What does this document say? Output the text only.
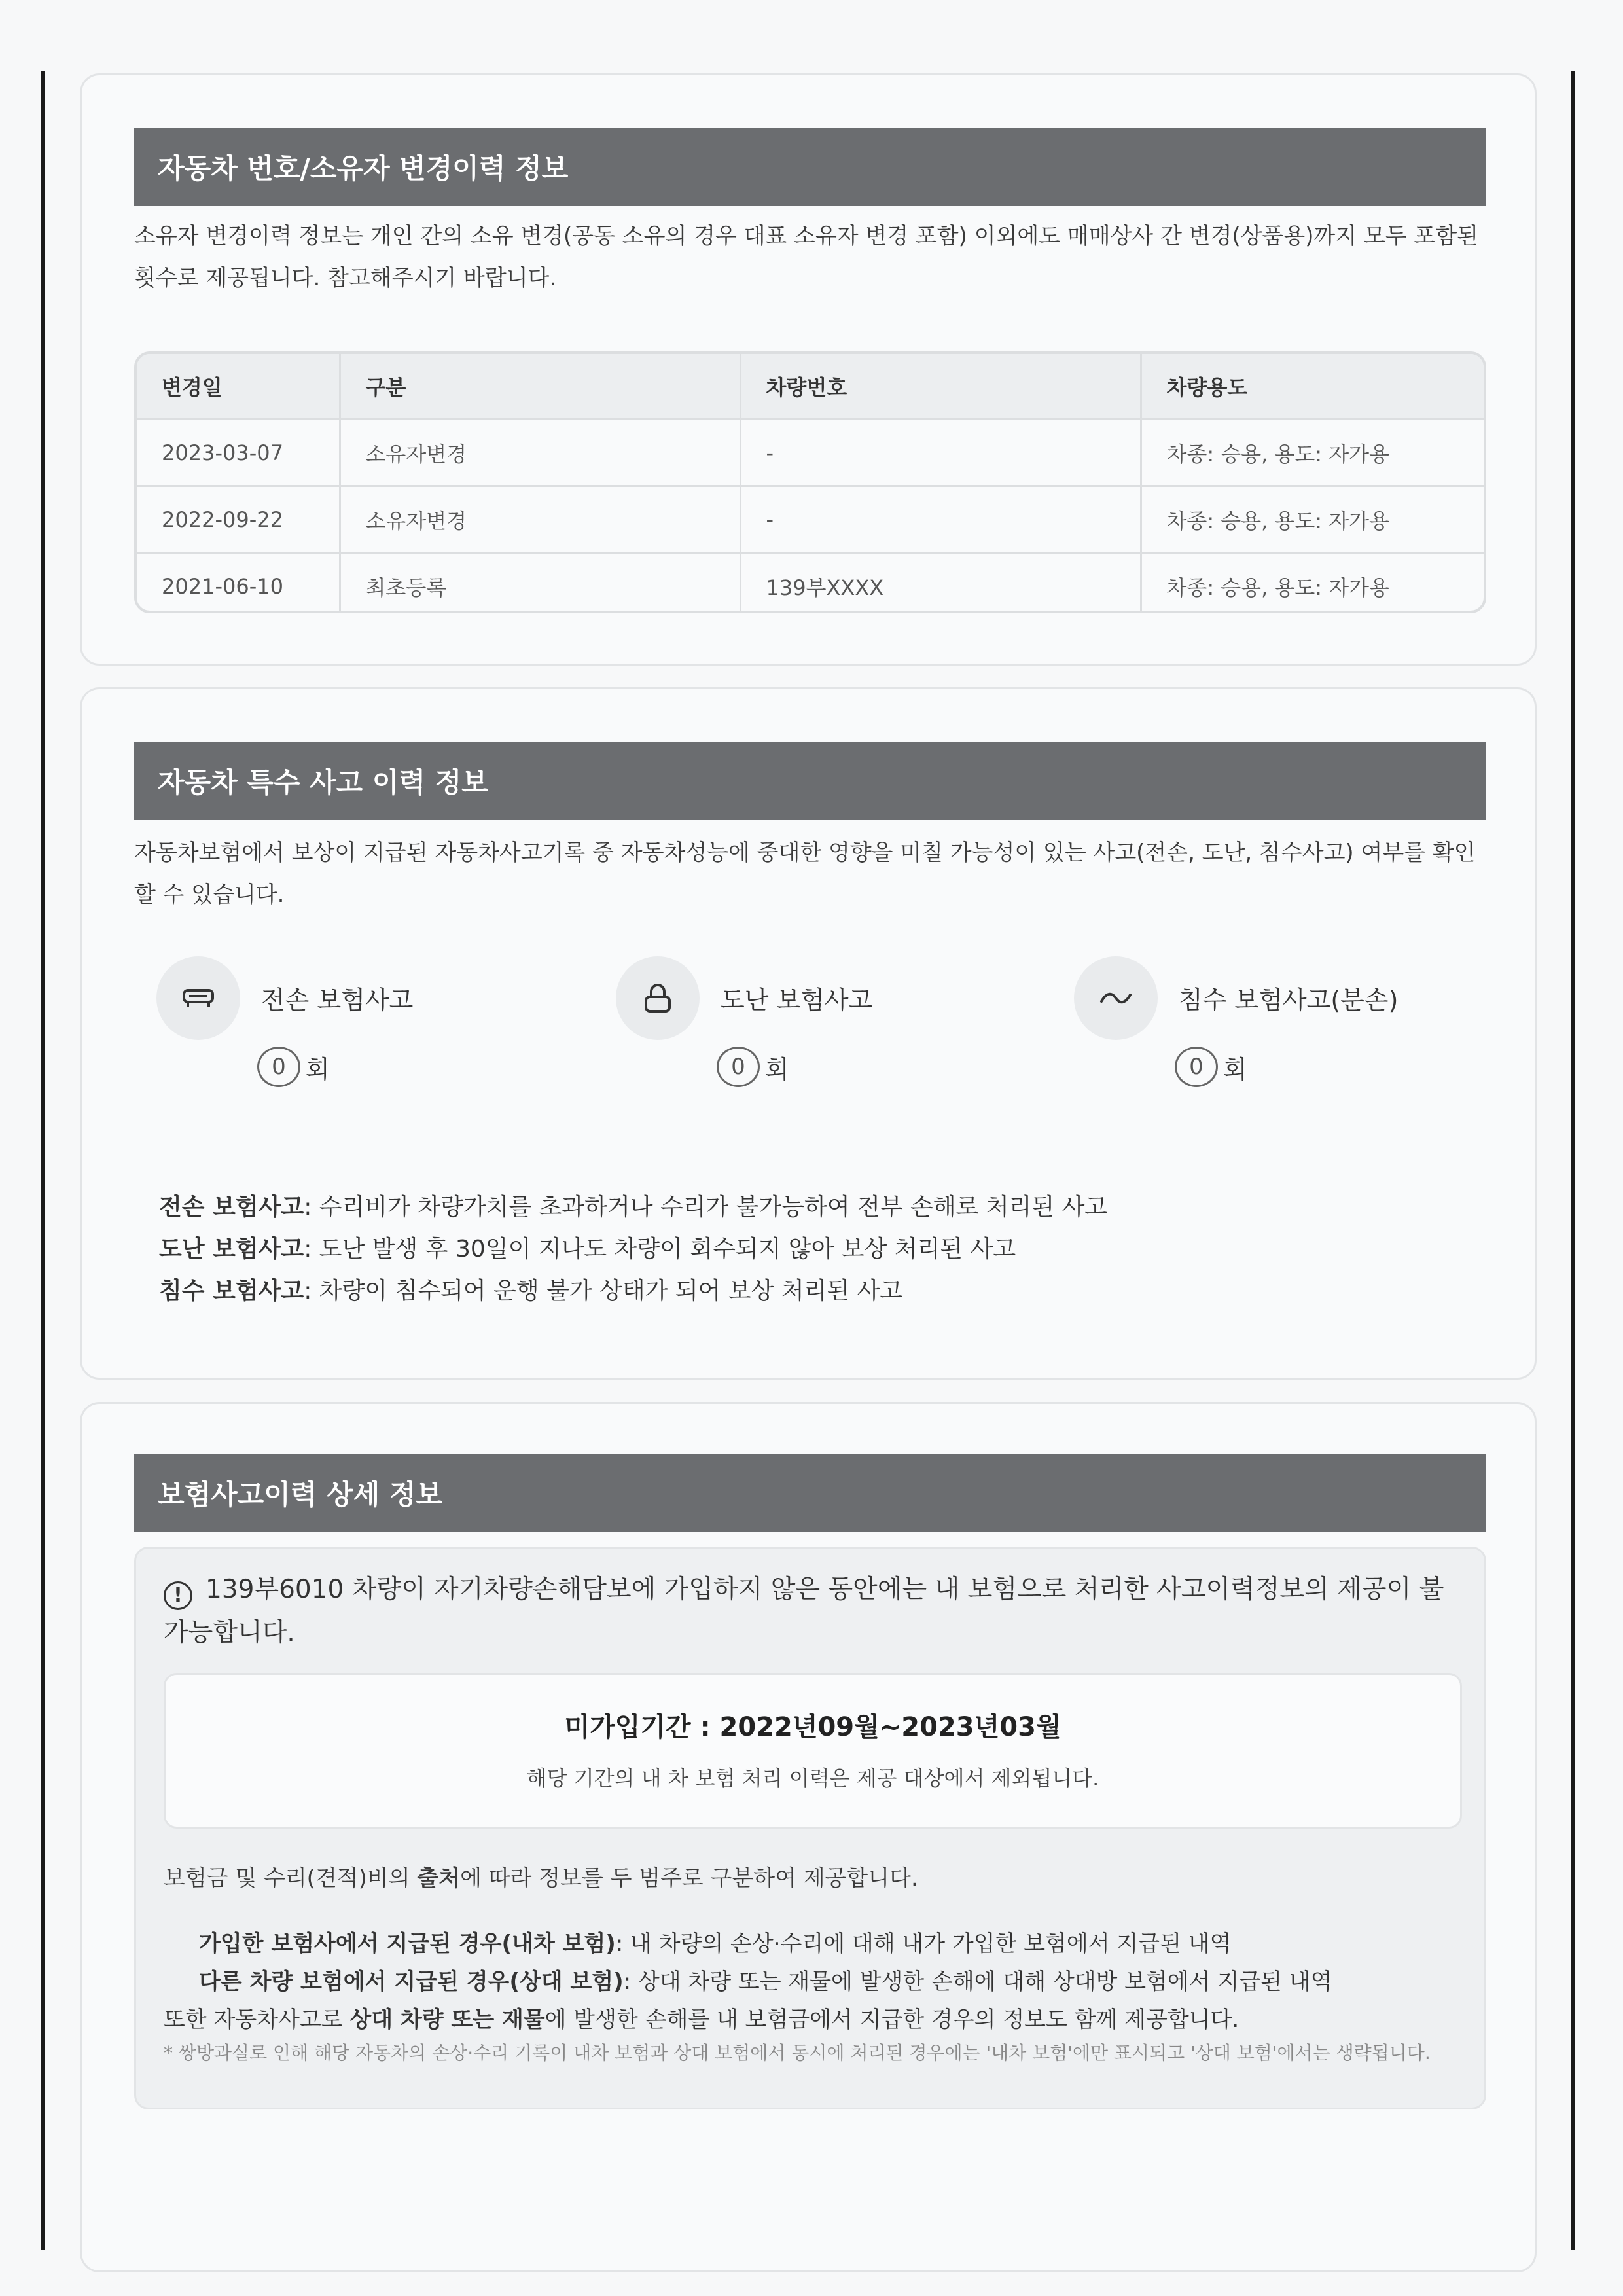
자동차 번호/소유자 변경이력 정보
소유자 변경이력 정보는 개인 간의 소유 변경(공동 소유의 경우 대표 소유자 변경 포함) 이외에도 매매상사 간 변경(상품용)까지 모두 포함된 횟수로 제공됩니다. 참고해주시기 바랍니다.
변경일	구분	차량번호	차량용도
2023-03-07	소유자변경	-	차종: 승용, 용도: 자가용
2022-09-22	소유자변경	-	차종: 승용, 용도: 자가용
2021-06-10	최초등록	139부XXXX	차종: 승용, 용도: 자가용
자동차 특수 사고 이력 정보
자동차보험에서 보상이 지급된 자동차사고기록 중 자동차성능에 중대한 영향을 미칠 가능성이 있는 사고(전손, 도난, 침수사고) 여부를 확인할 수 있습니다.
전손 보험사고
0 회
도난 보험사고
0 회
침수 보험사고(분손)
0 회
전손 보험사고: 수리비가 차량가치를 초과하거나 수리가 불가능하여 전부 손해로 처리된 사고
도난 보험사고: 도난 발생 후 30일이 지나도 차량이 회수되지 않아 보상 처리된 사고
침수 보험사고: 차량이 침수되어 운행 불가 상태가 되어 보상 처리된 사고
보험사고이력 상세 정보
! 139부6010 차량이 자기차량손해담보에 가입하지 않은 동안에는 내 보험으로 처리한 사고이력정보의 제공이 불가능합니다.
미가입기간 : 2022년09월~2023년03월
해당 기간의 내 차 보험 처리 이력은 제공 대상에서 제외됩니다.
보험금 및 수리(견적)비의 출처에 따라 정보를 두 범주로 구분하여 제공합니다.
가입한 보험사에서 지급된 경우(내차 보험): 내 차량의 손상·수리에 대해 내가 가입한 보험에서 지급된 내역
다른 차량 보험에서 지급된 경우(상대 보험): 상대 차량 또는 재물에 발생한 손해에 대해 상대방 보험에서 지급된 내역
또한 자동차사고로 상대 차량 또는 재물에 발생한 손해를 내 보험금에서 지급한 경우의 정보도 함께 제공합니다.
* 쌍방과실로 인해 해당 자동차의 손상·수리 기록이 내차 보험과 상대 보험에서 동시에 처리된 경우에는 '내차 보험'에만 표시되고 '상대 보험'에서는 생략됩니다.
